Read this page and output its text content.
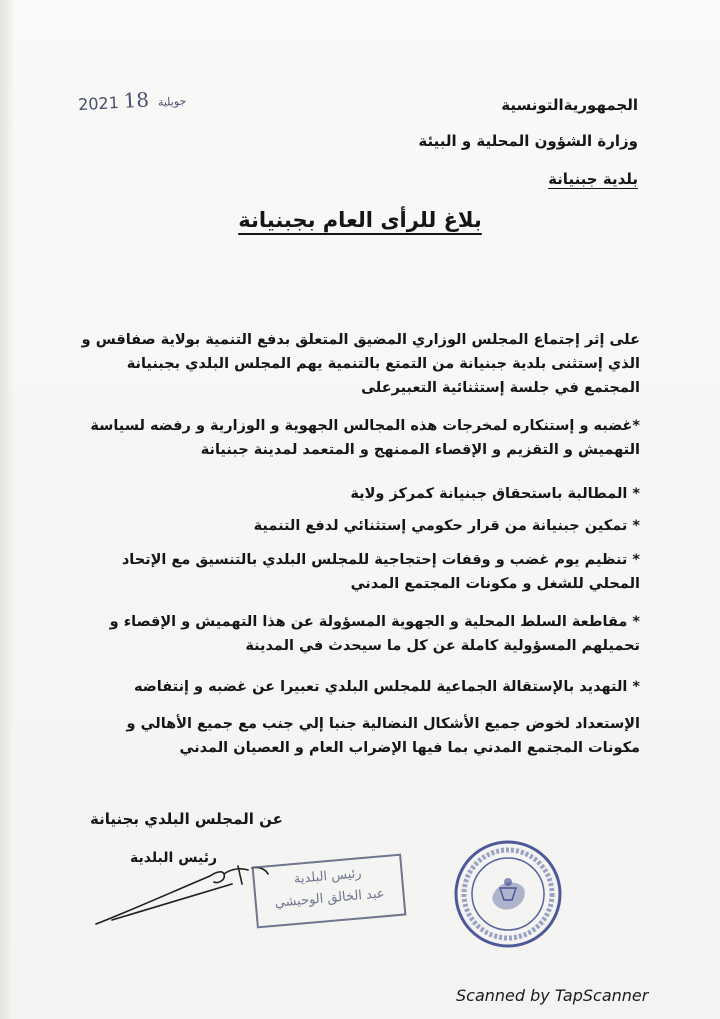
2021	جويلية 18	الجمهوريةالتونسية
وزارة الشؤون المحلية و البيئة
بلدية جبنيانة
بلاغ للرأى العام بجبنيانة
على إثر إجتماع المجلس الوزاري المضيق المتعلق بدفع التنمية بولاية صفاقس و الذي إستثنى بلدية جبنيانة من التمتع بالتنمية يهم المجلس البلدي بجبنيانة المجتمع في جلسة إستثنائية التعبيرعلى
*غضبه و إستنكاره لمخرجات هذه المجالس الجهوية و الوزارية و رفضه لسياسة التهميش و التقزيم و الإقصاء الممنهج و المتعمد لمدينة جبنيانة
* المطالبة باستحقاق جبنيانة كمركز ولاية
* تمكين جبنيانة من قرار حكومي إستثنائي لدفع التنمية
* تنظيم يوم غضب و وقفات إحتجاجية للمجلس البلدي بالتنسيق مع الإتحاد المحلي للشغل و مكونات المجتمع المدني
* مقاطعة السلط المحلية و الجهوية المسؤولة عن هذا التهميش و الإقصاء و تحميلهم المسؤولية كاملة عن كل ما سيحدث في المدينة
* التهديد بالإستقالة الجماعية للمجلس البلدي تعبيرا عن غضبه و إنتفاضه
الإستعداد لخوض جميع الأشكال النضالية جنبا إلي جنب مع جميع الأهالي و مكونات المجتمع المدني بما فيها الإضراب العام و العصيان المدني
عن المجلس البلدي بجنيانة
رئيس البلدية
رئيس البلدية
عبد الخالق الوحيشي
Scanned by TapScanner
